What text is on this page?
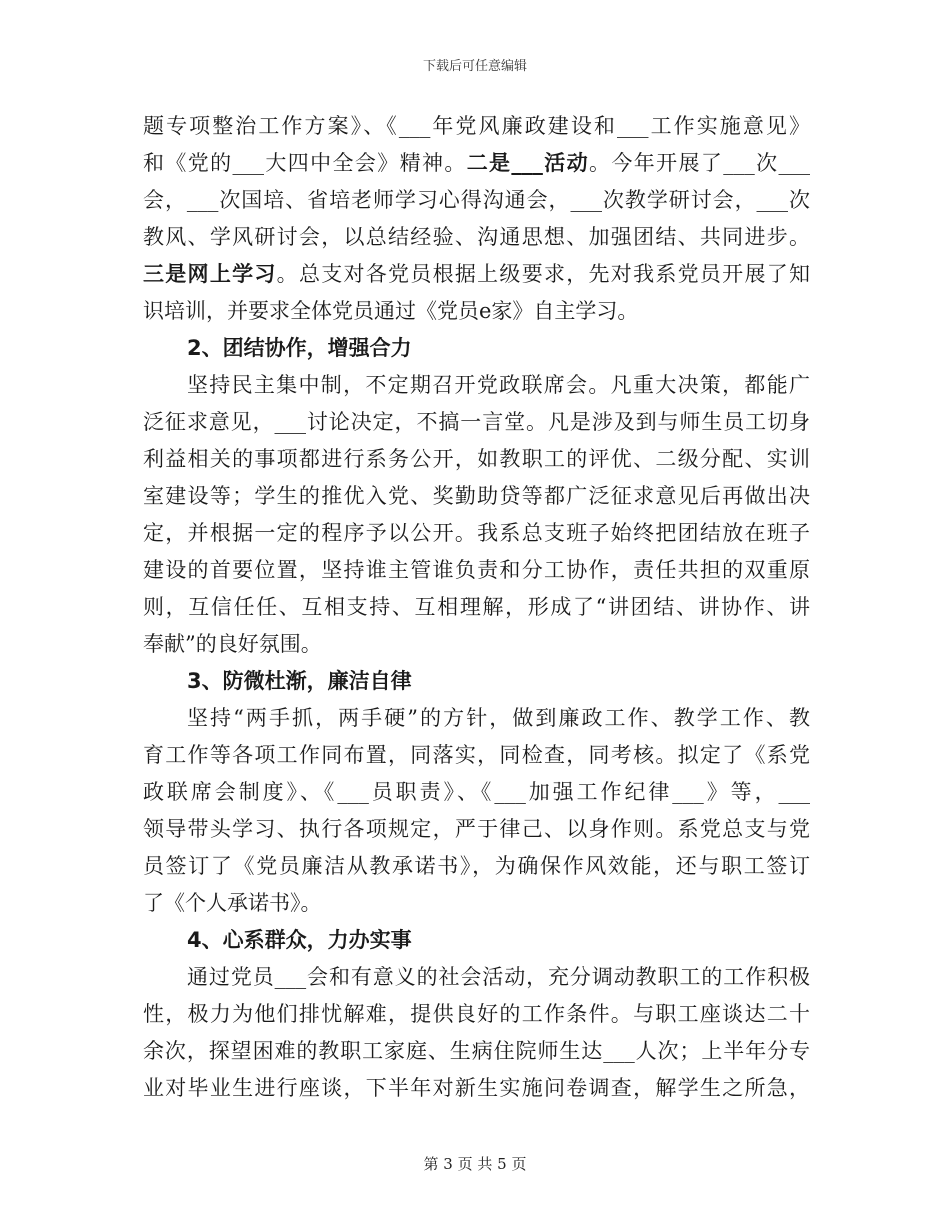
下载后可任意编辑
题专项整治工作方案》、《___年党风廉政建设和___工作实施意见》
和《党的___大四中全会》精神。二是___活动。今年开展了___次___
会，___次国培、省培老师学习心得沟通会，___次教学研讨会，___次
教风、学风研讨会，以总结经验、沟通思想、加强团结、共同进步。
三是网上学习。总支对各党员根据上级要求，先对我系党员开展了知
识培训，并要求全体党员通过《党员e家》自主学习。
2、团结协作，增强合力
坚持民主集中制，不定期召开党政联席会。凡重大决策，都能广
泛征求意见，___讨论决定，不搞一言堂。凡是涉及到与师生员工切身
利益相关的事项都进行系务公开，如教职工的评优、二级分配、实训
室建设等；学生的推优入党、奖勤助贷等都广泛征求意见后再做出决
定，并根据一定的程序予以公开。我系总支班子始终把团结放在班子
建设的首要位置，坚持谁主管谁负责和分工协作，责任共担的双重原
则，互信任任、互相支持、互相理解，形成了“讲团结、讲协作、讲
奉献”的良好氛围。
3、防微杜渐，廉洁自律
坚持“两手抓，两手硬”的方针，做到廉政工作、教学工作、教
育工作等各项工作同布置，同落实，同检查，同考核。拟定了《系党
政联席会制度》、《___员职责》、《___加强工作纪律___》等，___
领导带头学习、执行各项规定，严于律己、以身作则。系党总支与党
员签订了《党员廉洁从教承诺书》，为确保作风效能，还与职工签订
了《个人承诺书》。
4、心系群众，力办实事
通过党员___会和有意义的社会活动，充分调动教职工的工作积极
性，极力为他们排忧解难，提供良好的工作条件。与职工座谈达二十
余次，探望困难的教职工家庭、生病住院师生达___人次；上半年分专
业对毕业生进行座谈，下半年对新生实施问卷调查，解学生之所急，
第 3 页 共 5 页
